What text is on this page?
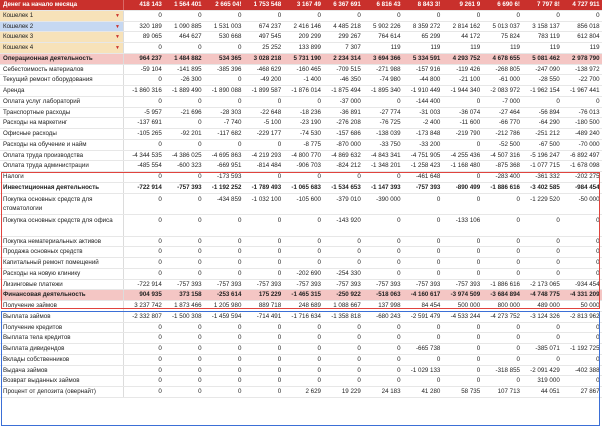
Денег на начало месяца	418 143	1 564 401	2 665 04!	1 753 548	3 167 49	6 367 691	6 816 43	8 843 3!	9 261 9	6 690 6!	7 797 8!	4 727 911
Кошелек 1	▼	0	0	0	0	0	0	0	0	0	0	0	0
Кошелек 2	▼	320 189	1 090 885	1 531 003	674 237	2 416 146	4 485 218	5 902 226	8 359 272	2 814 162	5 013 037	3 158 137	856 018
Кошелек 3	▼	89 065	464 627	530 668	497 545	209 299	299 267	764 614	65 299	44 172	75 824	783 119	612 804
Кошелек 4	▼	0	0	0	25 252	133 899	7 307	119	119	119	119	119	119
Операционная деятельность	964 237	1 484 882	534 365	3 028 218	5 731 190	2 234 314	3 694 366	5 334 591	4 293 752	4 678 655	5 081 462	2 978 790
Себестоимость материалов	-59 104	-141 895	-385 396	-468 629	-160 465	-709 515	-271 988	-157 916	-119 426	-268 805	-247 090	-138 972
Текущий ремонт оборудования	0	-26 300	0	-49 200	-1 400	-46 350	-74 980	-44 800	-21 100	-61 000	-28 550	-22 700
Аренда	-1 860 316	-1 889 490	-1 890 088	-1 899 587	-1 876 014	-1 875 494	-1 895 340	-1 910 449	-1 944 340	-2 083 972	-1 962 154	-1 967 441
Оплата услуг лабораторий	0	0	0	0	0	-37 000	0	-144 400	0	-7 000	0	0
Транспортные расходы	-5 957	-21 696	-28 303	-22 648	-18 236	-36 891	-27 774	-31 003	-36 074	-27 464	-56 894	-76 013
Расходы на маркетинг	-137 691	0	-7 740	-5 100	-23 190	-276 208	-76 725	-2 400	-11 600	-66 770	-64 290	-180 500
Офисные расходы	-105 265	-92 201	-117 682	-229 177	-74 530	-157 686	-138 039	-173 848	-219 790	-212 786	-251 212	-489 240
Расходы на обучение и найм	0	0	0	0	-8 775	-870 000	-33 750	-33 200	0	-52 500	-67 500	-70 000
Оплата труда производства	-4 344 535	-4 386 025	-4 695 863	-4 219 293	-4 800 770	-4 869 632	-4 843 341	-4 751 905	-4 255 436	-4 507 316	-5 196 247	-6 892 497
Оплата труда администрации	-485 554	-600 323	-669 951	-814 484	-906 703	-824 212	-1 348 201	-1 258 423	-1 168 480	-875 368	-1 077 715	-1 678 098
Налоги	0	0	-173 593	0	0	0	0	-461 648	0	-283 400	-361 332	-202 275
Инвестиционная деятельность	-722 914	-757 393	-1 192 252	-1 789 493	-1 065 683	-1 534 653	-1 147 393	-757 393	-890 499	-1 886 616	-3 402 585	-984 454
Покупка основных средств для стоматологии
0	0	-434 859	-1 032 100	-105 600	-379 010	-390 000	0	0	0	-1 229 520	-50 000
Покупка основных средств для офиса	0	0	0	0	0	-143 920	0	0	-133 106	0	0	0
Покупка нематериальных активов	0	0	0	0	0	0	0	0	0	0	0	0
Продажа основных средств	0	0	0	0	0	0	0	0	0	0	0	0
Капитальный ремонт помещений	0	0	0	0	0	0	0	0	0	0	0	0
Расходы на новую клинику	0	0	0	0	-202 690	-254 330	0	0	0	0	0	0
Лизинговые платежи	-722 914	-757 393	-757 393	-757 393	-757 393	-757 393	-757 393	-757 393	-757 393	-1 886 616	-2 173 065	-934 454
Финансовая деятельность	904 935	373 158	-253 614	175 229	-1 465 315	-250 922	-518 063	-4 160 617	-3 974 509	-3 684 894	-4 748 775	-4 331 209
Получение займов	3 237 742	1 873 466	1 205 980	889 718	248 689	1 088 667	137 998	84 454	500 000	800 000	489 000	50 000
Выплата займов	-2 332 807	-1 500 308	-1 459 594	-714 491	-1 716 634	-1 358 818	-680 243	-2 591 479	-4 533 244	-4 273 752	-3 124 326	-2 813 962
Получение кредитов	0	0	0	0	0	0	0	0	0	0	0	0
Выплата тела кредитов	0	0	0	0	0	0	0	0	0	0	0	0
Выплата дивидендов	0	0	0	0	0	0	0	-665 738	0	0	-385 071	-1 192 725
Вклады собственников	0	0	0	0	0	0	0	0	0	0	0	0
Выдача займов	0	0	0	0	0	0	0	-1 029 133	0	-318 855	-2 091 429	-402 388
Возврат выданных займов	0	0	0	0	0	0	0	0	0	0	319 000	0
Процент от депозита (овернайт)	0	0	0	0	2 629	19 229	24 183	41 280	58 735	107 713	44 051	27 867
